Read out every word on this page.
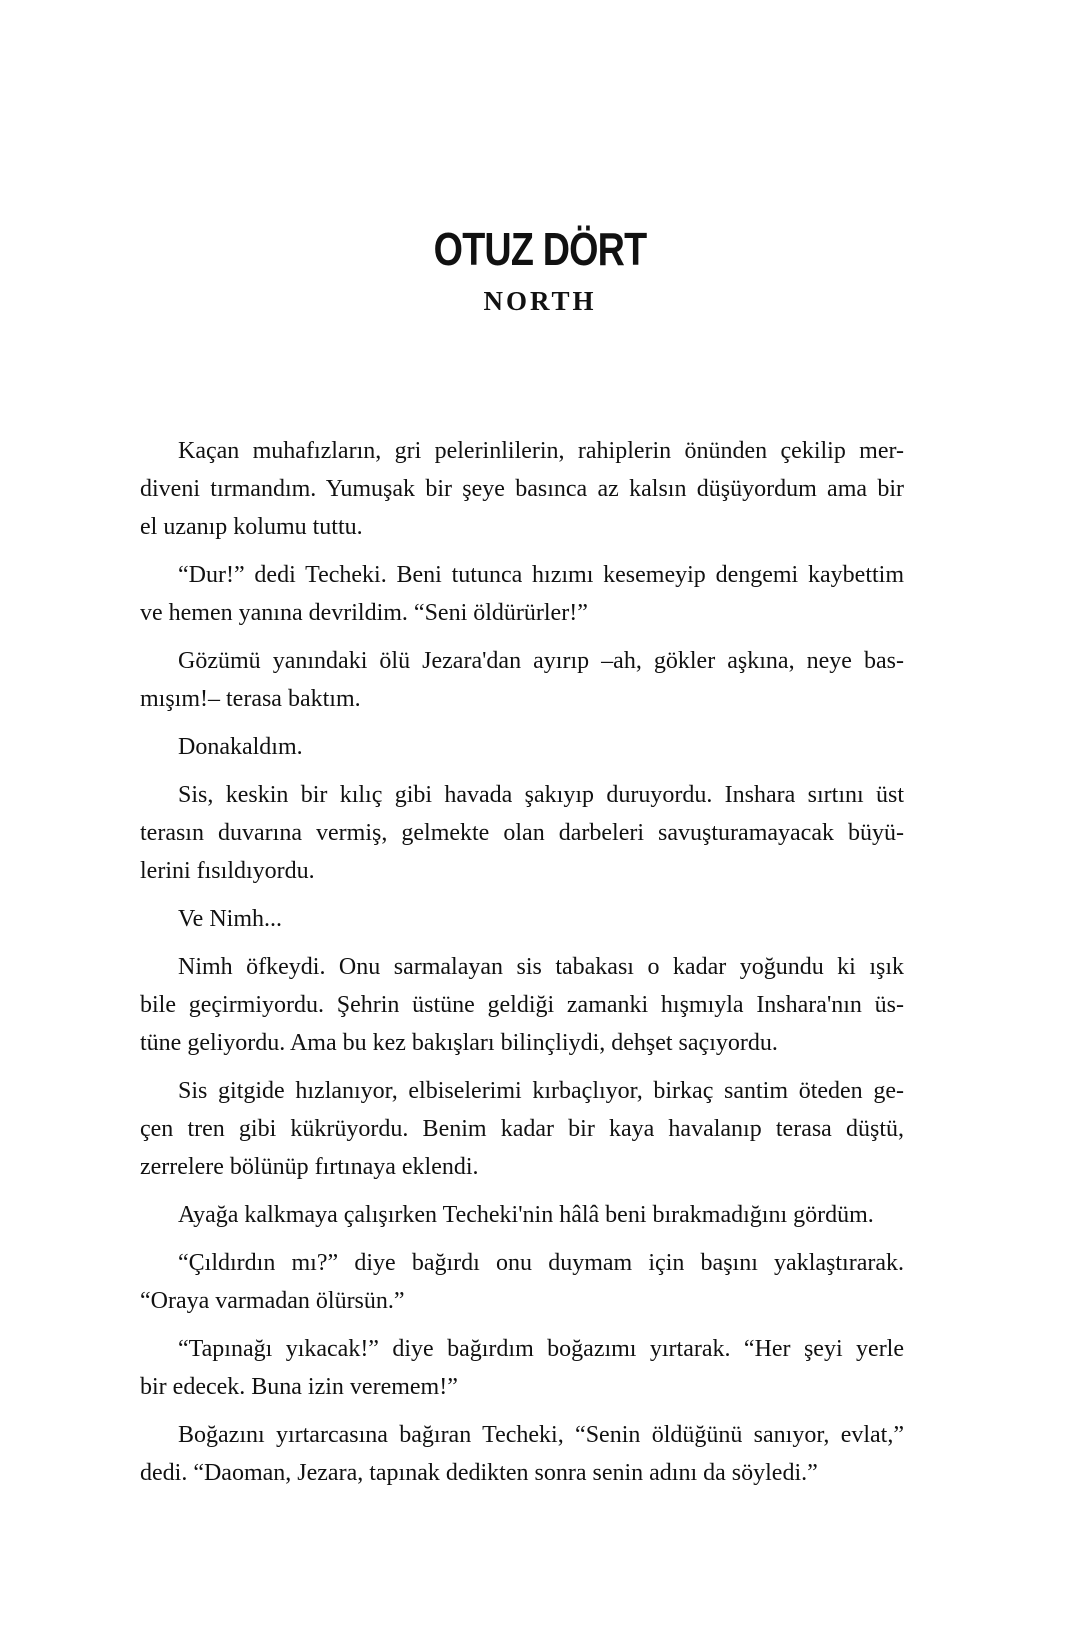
OTUZ DÖRT
NORTH

Kaçan muhafızların, gri pelerinlilerin, rahiplerin önünden çekilip mer-
diveni tırmandım. Yumuşak bir şeye basınca az kalsın düşüyordum ama bir
el uzanıp kolumu tuttu.

“Dur!” dedi Techeki. Beni tutunca hızımı kesemeyip dengemi kaybettim
ve hemen yanına devrildim. “Seni öldürürler!”

Gözümü yanındaki ölü Jezara'dan ayırıp –ah, gökler aşkına, neye bas-
mışım!– terasa baktım.

Donakaldım.

Sis, keskin bir kılıç gibi havada şakıyıp duruyordu. Inshara sırtını üst
terasın duvarına vermiş, gelmekte olan darbeleri savuşturamayacak büyü-
lerini fısıldıyordu.

Ve Nimh...

Nimh öfkeydi. Onu sarmalayan sis tabakası o kadar yoğundu ki ışık
bile geçirmiyordu. Şehrin üstüne geldiği zamanki hışmıyla Inshara'nın üs-
tüne geliyordu. Ama bu kez bakışları bilinçliydi, dehşet saçıyordu.

Sis gitgide hızlanıyor, elbiselerimi kırbaçlıyor, birkaç santim öteden ge-
çen tren gibi kükrüyordu. Benim kadar bir kaya havalanıp terasa düştü,
zerrelere bölünüp fırtınaya eklendi.

Ayağa kalkmaya çalışırken Techeki'nin hâlâ beni bırakmadığını gördüm.

“Çıldırdın mı?” diye bağırdı onu duymam için başını yaklaştırarak.
“Oraya varmadan ölürsün.”

“Tapınağı yıkacak!” diye bağırdım boğazımı yırtarak. “Her şeyi yerle
bir edecek. Buna izin veremem!”

Boğazını yırtarcasına bağıran Techeki, “Senin öldüğünü sanıyor, evlat,”
dedi. “Daoman, Jezara, tapınak dedikten sonra senin adını da söyledi.”
